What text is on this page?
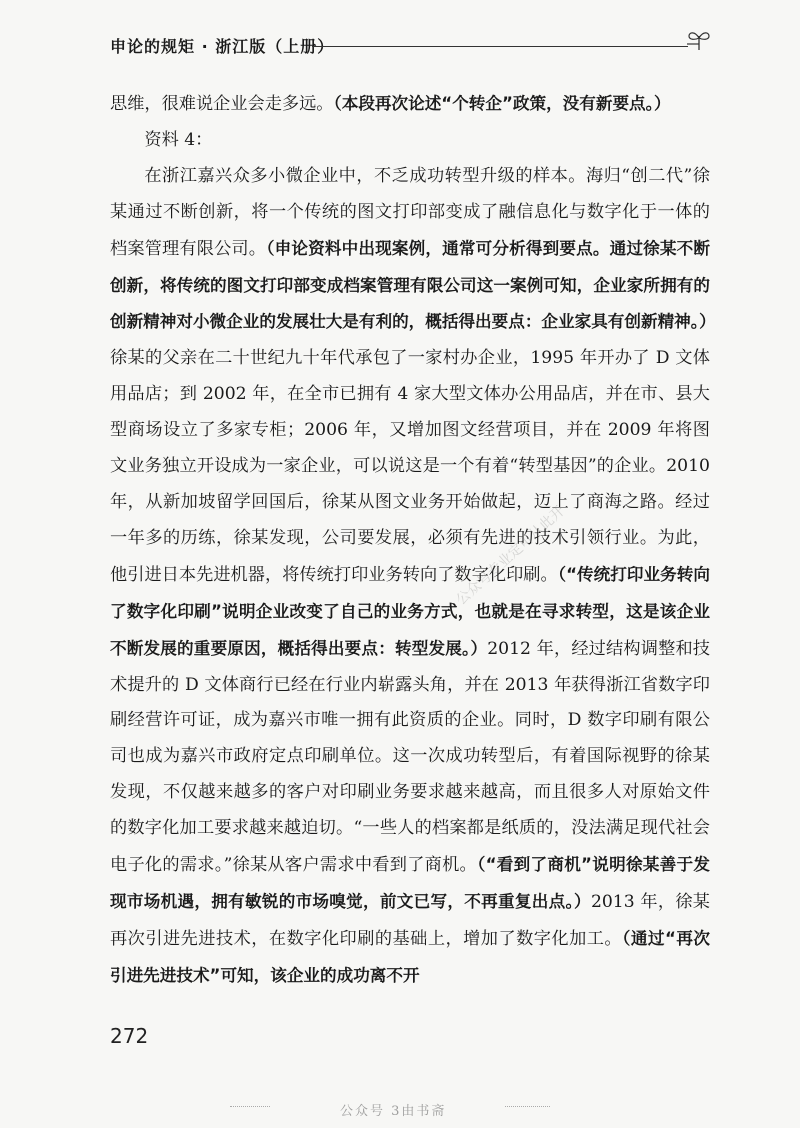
申论的规矩 · 浙江版（上册）

思维，很难说企业会走多远。（本段再次论述“个转企”政策，没有新要点。）

资料 4：

在浙江嘉兴众多小微企业中，不乏成功转型升级的样本。海归“创二代”徐某通过不断创新，将一个传统的图文打印部变成了融信息化与数字化于一体的档案管理有限公司。（申论资料中出现案例，通常可分析得到要点。通过徐某不断创新，将传统的图文打印部变成档案管理有限公司这一案例可知，企业家所拥有的创新精神对小微企业的发展壮大是有利的，概括得出要点：企业家具有创新精神。）徐某的父亲在二十世纪九十年代承包了一家村办企业，1995 年开办了 D 文体用品店；到 2002 年，在全市已拥有 4 家大型文体办公用品店，并在市、县大型商场设立了多家专柜；2006 年，又增加图文经营项目，并在 2009 年将图文业务独立开设成为一家企业，可以说这是一个有着“转型基因”的企业。2010 年，从新加坡留学回国后，徐某从图文业务开始做起，迈上了商海之路。经过一年多的历练，徐某发现，公司要发展，必须有先进的技术引领行业。为此，他引进日本先进机器，将传统打印业务转向了数字化印刷。（“传统打印业务转向了数字化印刷”说明企业改变了自己的业务方式，也就是在寻求转型，这是该企业不断发展的重要原因，概括得出要点：转型发展。）2012 年，经过结构调整和技术提升的 D 文体商行已经在行业内崭露头角，并在 2013 年获得浙江省数字印刷经营许可证，成为嘉兴市唯一拥有此资质的企业。同时，D 数字印刷有限公司也成为嘉兴市政府定点印刷单位。这一次成功转型后，有着国际视野的徐某发现，不仅越来越多的客户对印刷业务要求越来越高，而且很多人对原始文件的数字化加工要求越来越迫切。“一些人的档案都是纸质的，没法满足现代社会电子化的需求。”徐某从客户需求中看到了商机。（“看到了商机”说明徐某善于发现市场机遇，拥有敏锐的市场嗅觉，前文已写，不再重复出点。）2013 年，徐某再次引进先进技术，在数字化印刷的基础上，增加了数字化加工。（通过“再次引进先进技术”可知，该企业的成功离不开

公众号专业定可从此开
272
公众号 3由书斋
